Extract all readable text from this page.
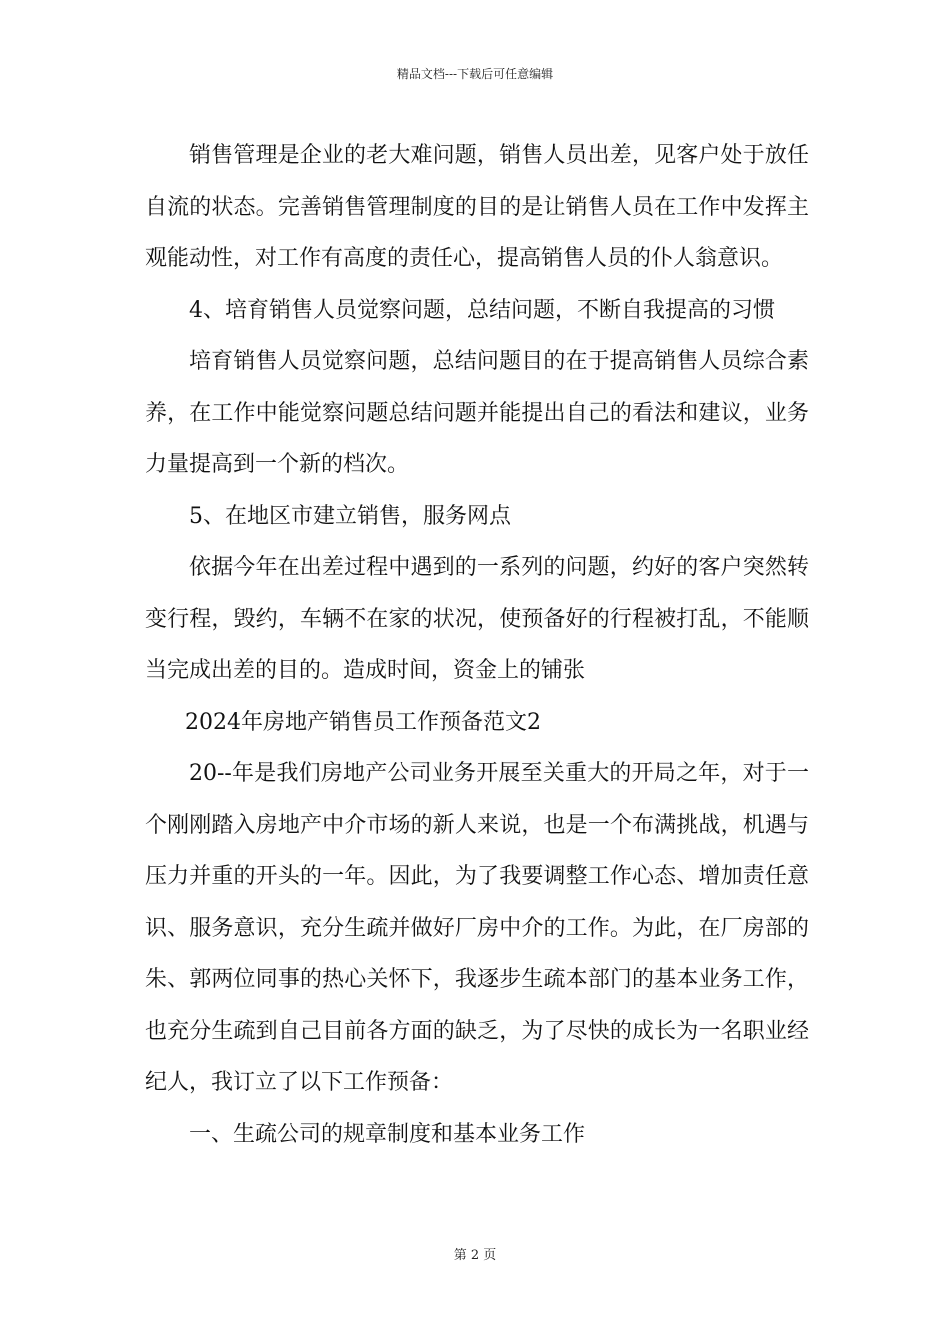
精品文档---下载后可任意编辑

销售管理是企业的老大难问题，销售人员出差，见客户处于放任自流的状态。完善销售管理制度的目的是让销售人员在工作中发挥主观能动性，对工作有高度的责任心，提高销售人员的仆人翁意识。

4、培育销售人员觉察问题，总结问题，不断自我提高的习惯

培育销售人员觉察问题，总结问题目的在于提高销售人员综合素养，在工作中能觉察问题总结问题并能提出自己的看法和建议，业务力量提高到一个新的档次。

5、在地区市建立销售，服务网点

依据今年在出差过程中遇到的一系列的问题，约好的客户突然转变行程，毁约，车辆不在家的状况，使预备好的行程被打乱，不能顺当完成出差的目的。造成时间，资金上的铺张

2024年房地产销售员工作预备范文2

20--年是我们房地产公司业务开展至关重大的开局之年，对于一个刚刚踏入房地产中介市场的新人来说，也是一个布满挑战，机遇与压力并重的开头的一年。因此，为了我要调整工作心态、增加责任意识、服务意识，充分生疏并做好厂房中介的工作。为此，在厂房部的朱、郭两位同事的热心关怀下，我逐步生疏本部门的基本业务工作，也充分生疏到自己目前各方面的缺乏，为了尽快的成长为一名职业经纪人，我订立了以下工作预备：

一、生疏公司的规章制度和基本业务工作

第 2 页
